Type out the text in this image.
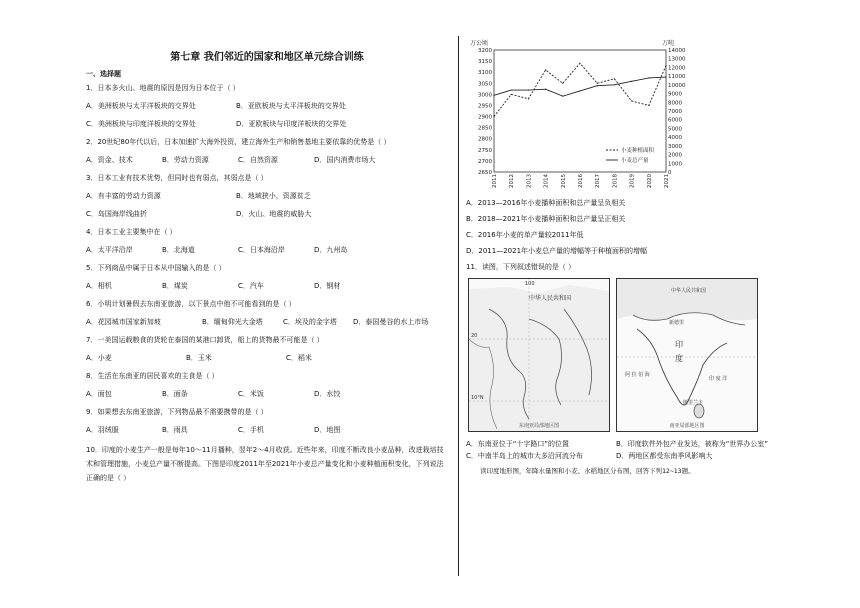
第七章 我们邻近的国家和地区单元综合训练
一、选择题
1．日本多火山、地震的原因是因为日本位于（ ）
A．美洲板块与太平洋板块的交界处	B．亚欧板块与太平洋板块的交界处
C．美洲板块与印度洋板块的交界处	D．亚欧板块与印度洋板块的交界处
2．20世纪80年代以后，日本加速扩大海外投资，建立海外生产和销售基地主要依靠的优势是（ ）
A．资金、技术	B．劳动力资源	C．自然资源	D．国内消费市场大
3．日本工业有技术优势，但同时也有弱点，其弱点是（ ）
A．有丰富的劳动力资源	B．地域狭小，资源贫乏
C．岛国海岸线曲折	D．火山、地震的威胁大
4．日本工业主要集中在（ ）
A．太平洋沿岸	B．北海道	C．日本海沿岸	D．九州岛
5．下列商品中属于日本从中国输入的是（ ）
A．相机	B．煤炭	C．汽车	D．钢材
6．小明计划暑假去东南亚旅游，以下景点中他不可能看到的是（ ）
A．花园城市国家新加坡	B．缅甸仰光大金塔	C．埃及的金字塔	D．泰国曼谷的水上市场
7．一美国运载粮食的货轮在泰国的某港口卸货，船上的货物最不可能是（ ）
A．小麦	B．玉米	C．稻米
8．生活在东南亚的居民喜欢的主食是（ ）
A．面包	B．面条	C．米饭	D．水饺
9．如果想去东南亚旅游，下列物品最不需要携带的是（ ）
A．羽绒服	B．雨具	C．手机	D．地图
10．印度的小麦生产一般是每年10～11月播种，翌年2～4月收获。近些年来，印度不断改良小麦品种，改进栽培技术和管理措施，小麦总产量不断提高。下图是印度2011年至2021年小麦总产量变化和小麦种植面积变化，下列说法正确的是（ ）
万公顷	万吨
2650
2700
2750
2800
2850
2900
2950
3000
3050
3100
3150
3200
0
1000
2000
3000
4000
5000
6000
7000
8000
9000
10000
11000
12000
13000
14000
2011 2012 2013 2014 2015 2016 2017 2018 2019 2020 2021
小麦种植面积
小麦总产量
A．2013—2016年小麦播种面积和总产量呈负相关
B．2018—2021年小麦播种面积和总产量呈正相关
C．2016年小麦的单产量较2011年低
D．2011—2021年小麦总产量的增幅等于种植面积的增幅
11．读图，下列叙述错误的是（ ）
中华人民共和国
100
20
10°N
东南亚局部地区图
中华人民共和国
新德里
印
度
阿 拉 伯 海
印 度 洋
斯里兰卡
南亚局部地区图
A．东南亚位于“十字路口”的位置	B．印度软件外包产业发达，被称为“世界办公室”
C．中南半岛上的城市大多沿河流分布	D．两地区都受东南季风影响大
读印度地形图，年降水量图和小麦、水稻地区分布图，回答下列12~13题。
